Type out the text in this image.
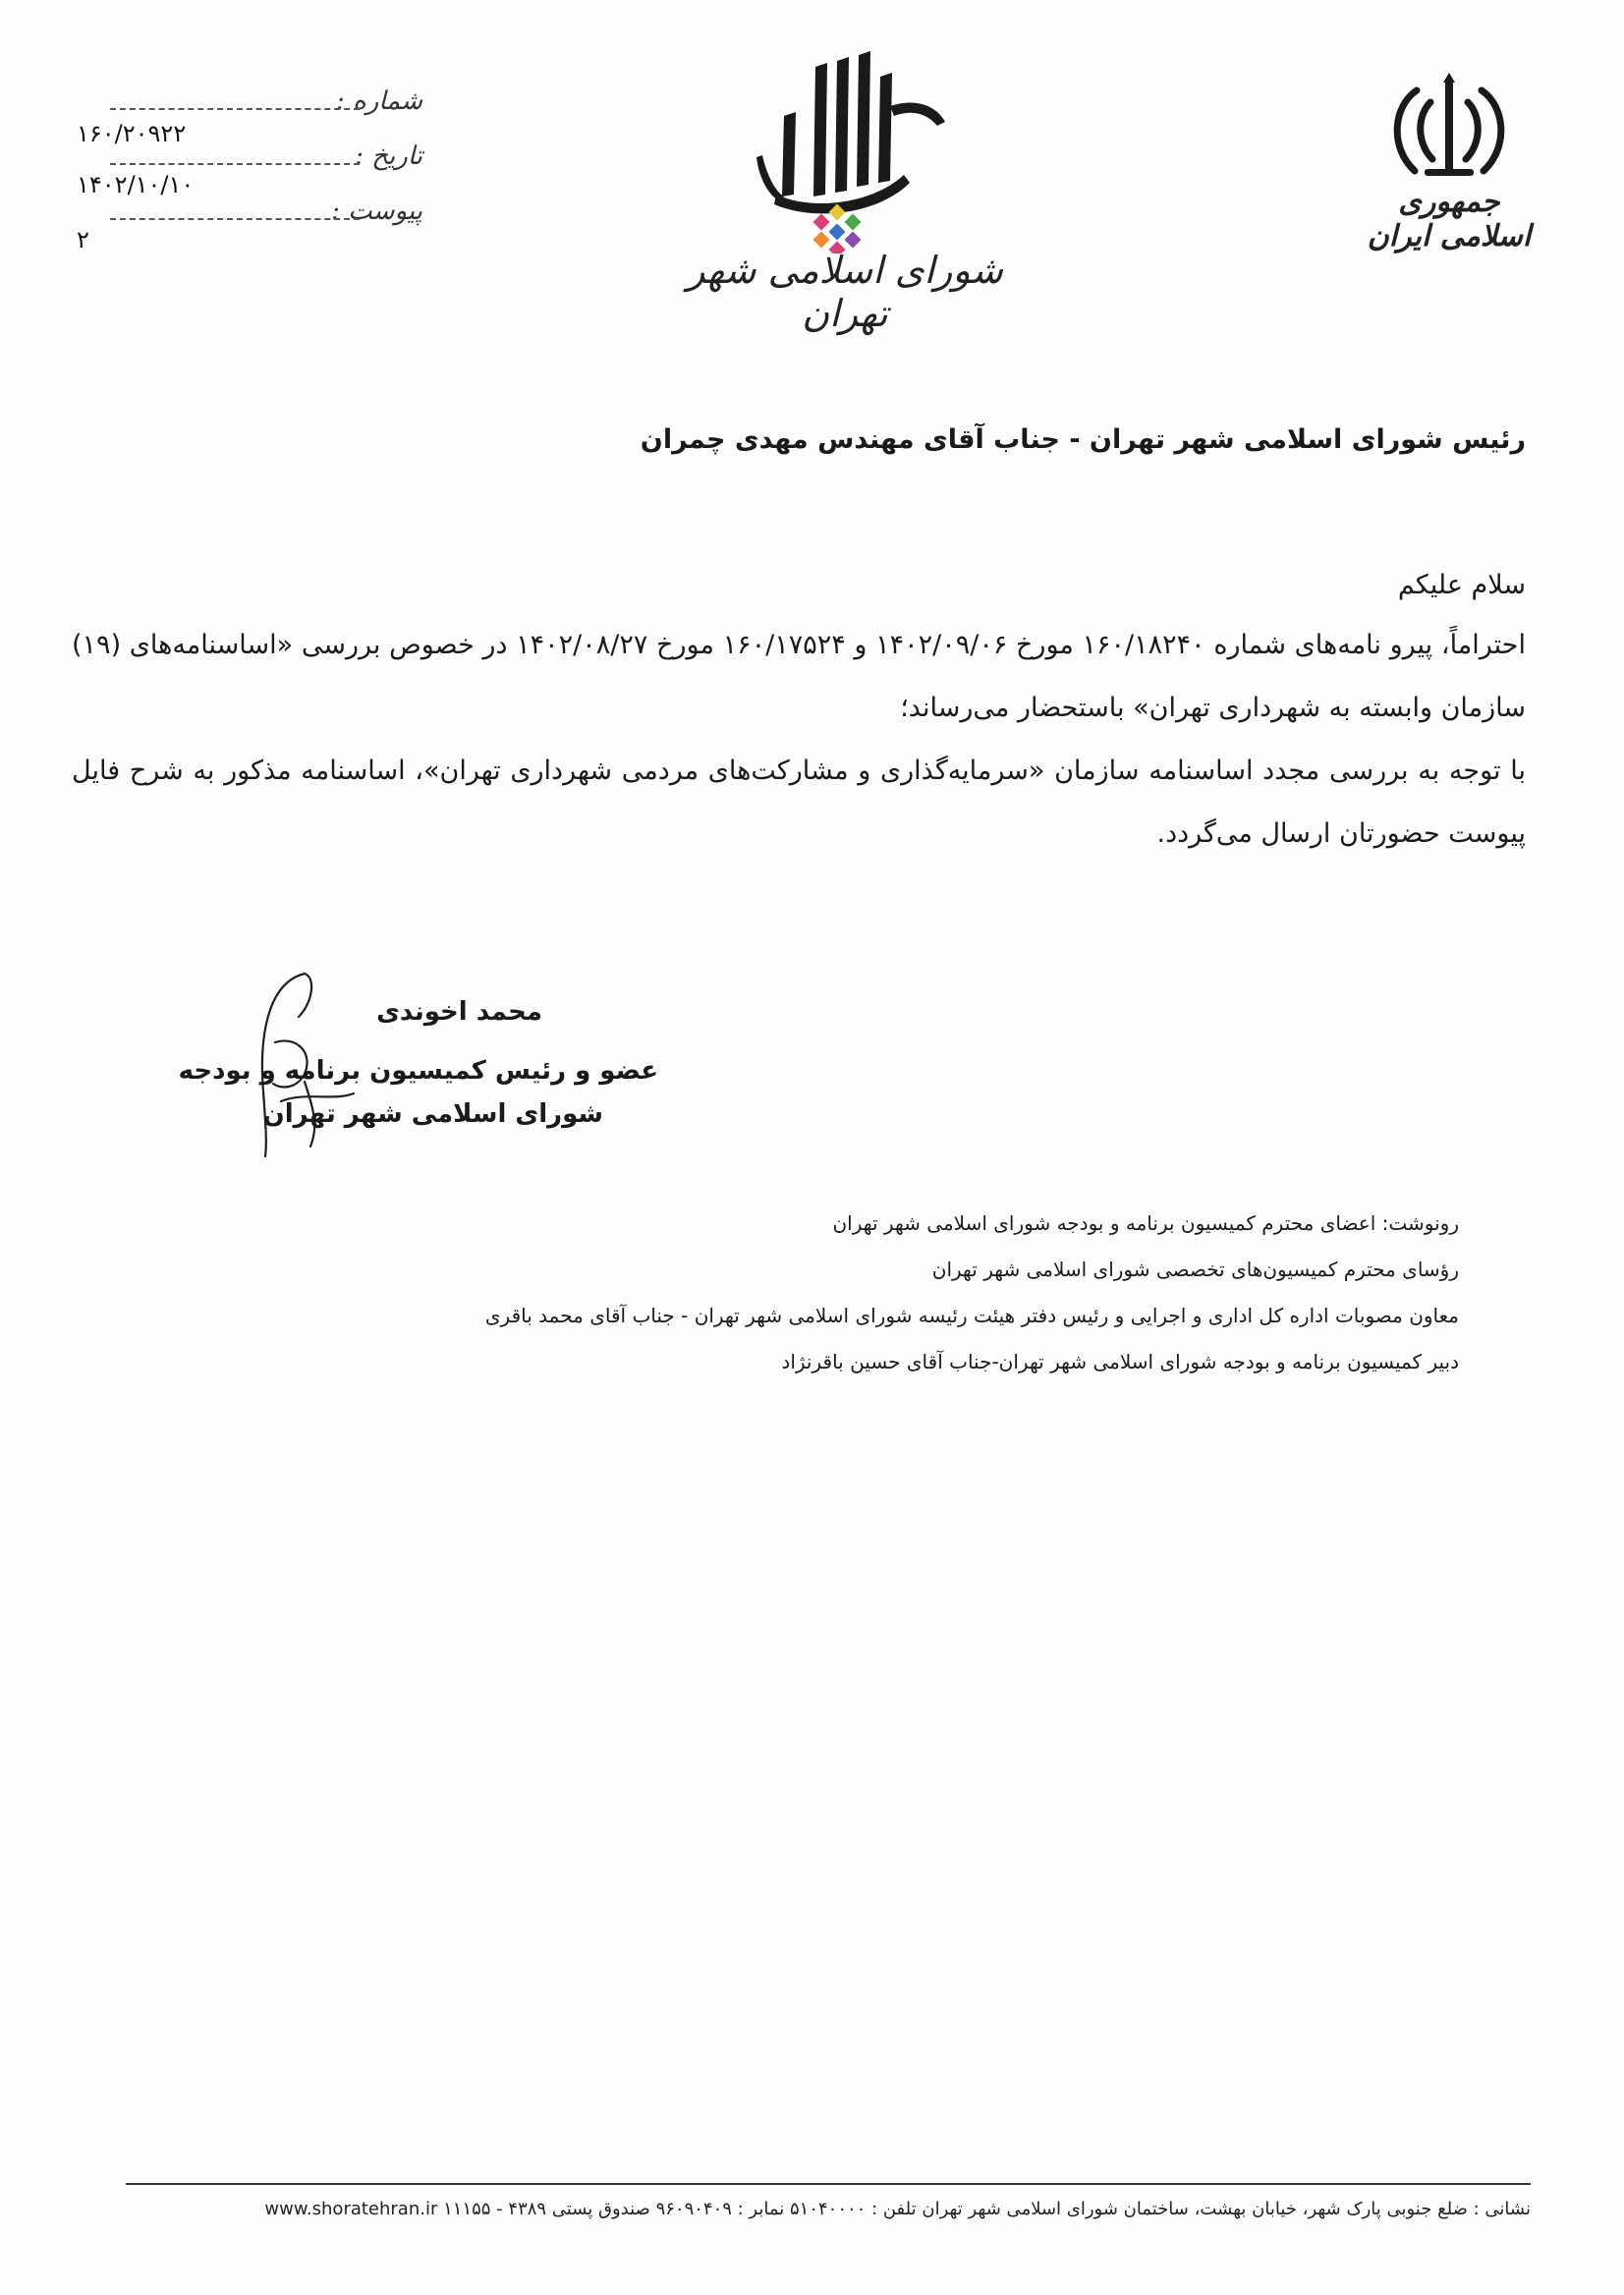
شماره :
۱۶۰/۲۰۹۲۲
تاریخ :
۱۴۰۲/۱۰/۱۰
پیوست :
۲
شورای اسلامی شهر تهران
جمهوری اسلامی ایران
رئیس شورای اسلامی شهر تهران - جناب آقای مهندس مهدی چمران
سلام علیکم

احتراماً، پیرو نامه‌های شماره ۱۶۰/۱۸۲۴۰ مورخ ۱۴۰۲/۰۹/۰۶ و ۱۶۰/۱۷۵۲۴ مورخ ۱۴۰۲/۰۸/۲۷ در خصوص بررسی «اساسنامه‌های (۱۹) سازمان وابسته به شهرداری تهران» باستحضار می‌رساند؛

با توجه به بررسی مجدد اساسنامه سازمان «سرمایه‌گذاری و مشارکت‌های مردمی شهرداری تهران»، اساسنامه مذکور به شرح فایل پیوست حضورتان ارسال می‌گردد.

محمد اخوندی
عضو و رئیس کمیسیون برنامه و بودجه
شورای اسلامی شهر تهران
رونوشت: اعضای محترم کمیسیون برنامه و بودجه شورای اسلامی شهر تهران
رؤسای محترم کمیسیون‌های تخصصی شورای اسلامی شهر تهران
معاون مصوبات اداره کل اداری و اجرایی و رئیس دفتر هیئت رئیسه شورای اسلامی شهر تهران - جناب آقای محمد باقری
دبیر کمیسیون برنامه و بودجه شورای اسلامی شهر تهران-جناب آقای حسین باقرنژاد
نشانی : ضلع جنوبی پارک شهر، خیابان بهشت، ساختمان شورای اسلامی شهر تهران تلفن : ۵۱۰۴۰۰۰۰ نمابر : ۹۶۰۹۰۴۰۹ صندوق پستی ۴۳۸۹ - ۱۱۱۵۵ www.shoratehran.ir
